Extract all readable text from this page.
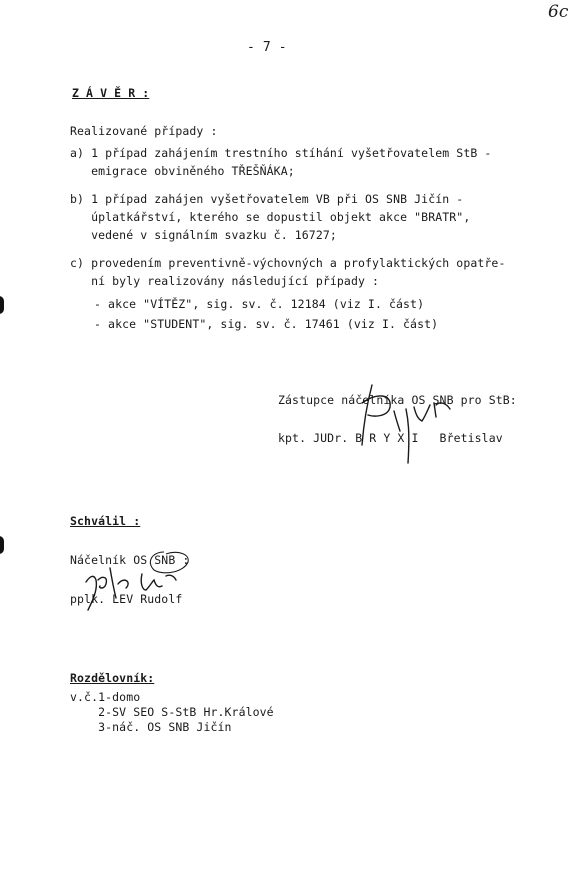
6c
- 7 -
Z Á V Ě R :
Realizované případy :
a) 1 případ zahájením trestního stíhání vyšetřovatelem StB -
emigrace obviněného TŘEŠŇÁKA;
b) 1 případ zahájen vyšetřovatelem VB při OS SNB Jičín -
úplatkářství, kterého se dopustil objekt akce "BRATR",
vedené v signálním svazku č. 16727;
c) provedením preventivně-výchovných a profylaktických opatře-
ní byly realizovány následující případy :
- akce "VÍTĚZ", sig. sv. č. 12184 (viz I. část)
- akce "STUDENT", sig. sv. č. 17461 (viz I. část)
Zástupce náčelníka OS SNB pro StB:
kpt. JUDr. B R Y X I   Břetislav
Schválil :
Náčelník OS SNB :
pplk. LEV Rudolf
Rozdělovník:
v.č.1-domo
2-SV SEO S-StB Hr.Králové
3-náč. OS SNB Jičín
